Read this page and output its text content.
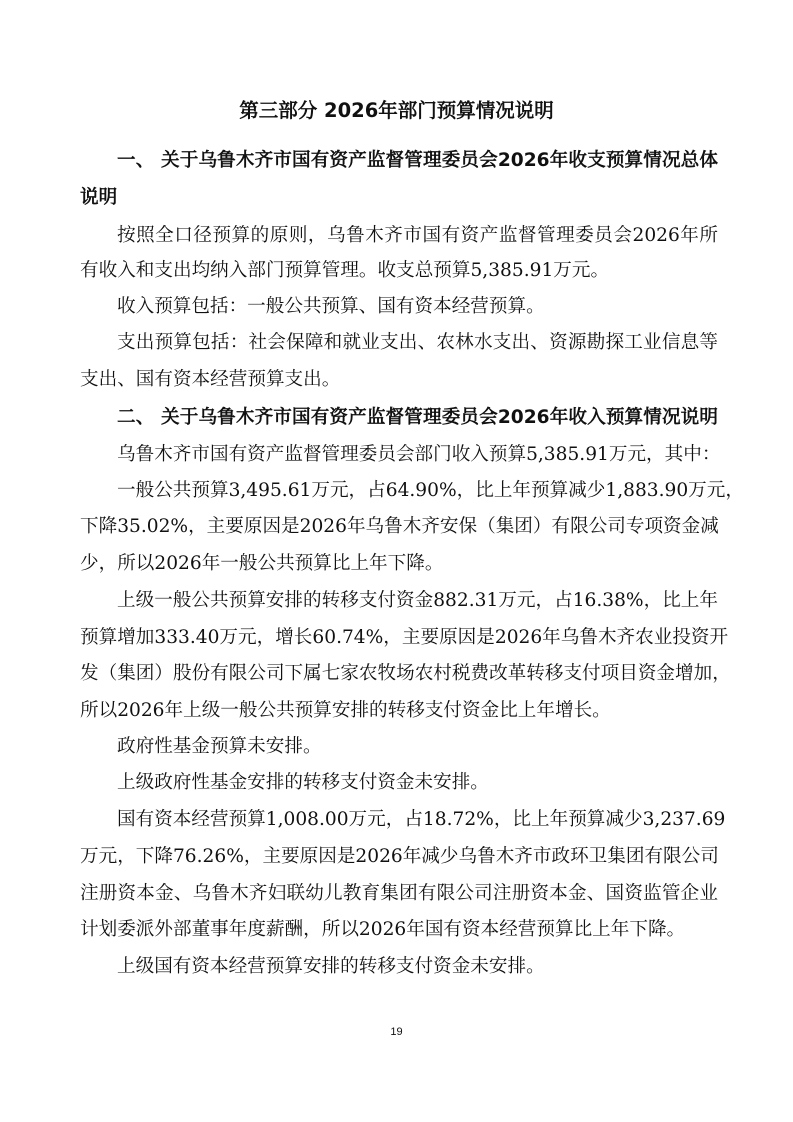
第三部分 2026年部门预算情况说明
一、 关于乌鲁木齐市国有资产监督管理委员会2026年收支预算情况总体
说明
按照全口径预算的原则，乌鲁木齐市国有资产监督管理委员会2026年所
有收入和支出均纳入部门预算管理。收支总预算5,385.91万元。
收入预算包括：一般公共预算、国有资本经营预算。
支出预算包括：社会保障和就业支出、农林水支出、资源勘探工业信息等
支出、国有资本经营预算支出。
二、 关于乌鲁木齐市国有资产监督管理委员会2026年收入预算情况说明
乌鲁木齐市国有资产监督管理委员会部门收入预算5,385.91万元，其中：
一般公共预算3,495.61万元，占64.90%，比上年预算减少1,883.90万元，
下降35.02%，主要原因是2026年乌鲁木齐安保（集团）有限公司专项资金减
少，所以2026年一般公共预算比上年下降。
上级一般公共预算安排的转移支付资金882.31万元，占16.38%，比上年
预算增加333.40万元，增长60.74%，主要原因是2026年乌鲁木齐农业投资开
发（集团）股份有限公司下属七家农牧场农村税费改革转移支付项目资金增加，
所以2026年上级一般公共预算安排的转移支付资金比上年增长。
政府性基金预算未安排。
上级政府性基金安排的转移支付资金未安排。
国有资本经营预算1,008.00万元，占18.72%，比上年预算减少3,237.69
万元，下降76.26%，主要原因是2026年减少乌鲁木齐市政环卫集团有限公司
注册资本金、乌鲁木齐妇联幼儿教育集团有限公司注册资本金、国资监管企业
计划委派外部董事年度薪酬，所以2026年国有资本经营预算比上年下降。
上级国有资本经营预算安排的转移支付资金未安排。
19
